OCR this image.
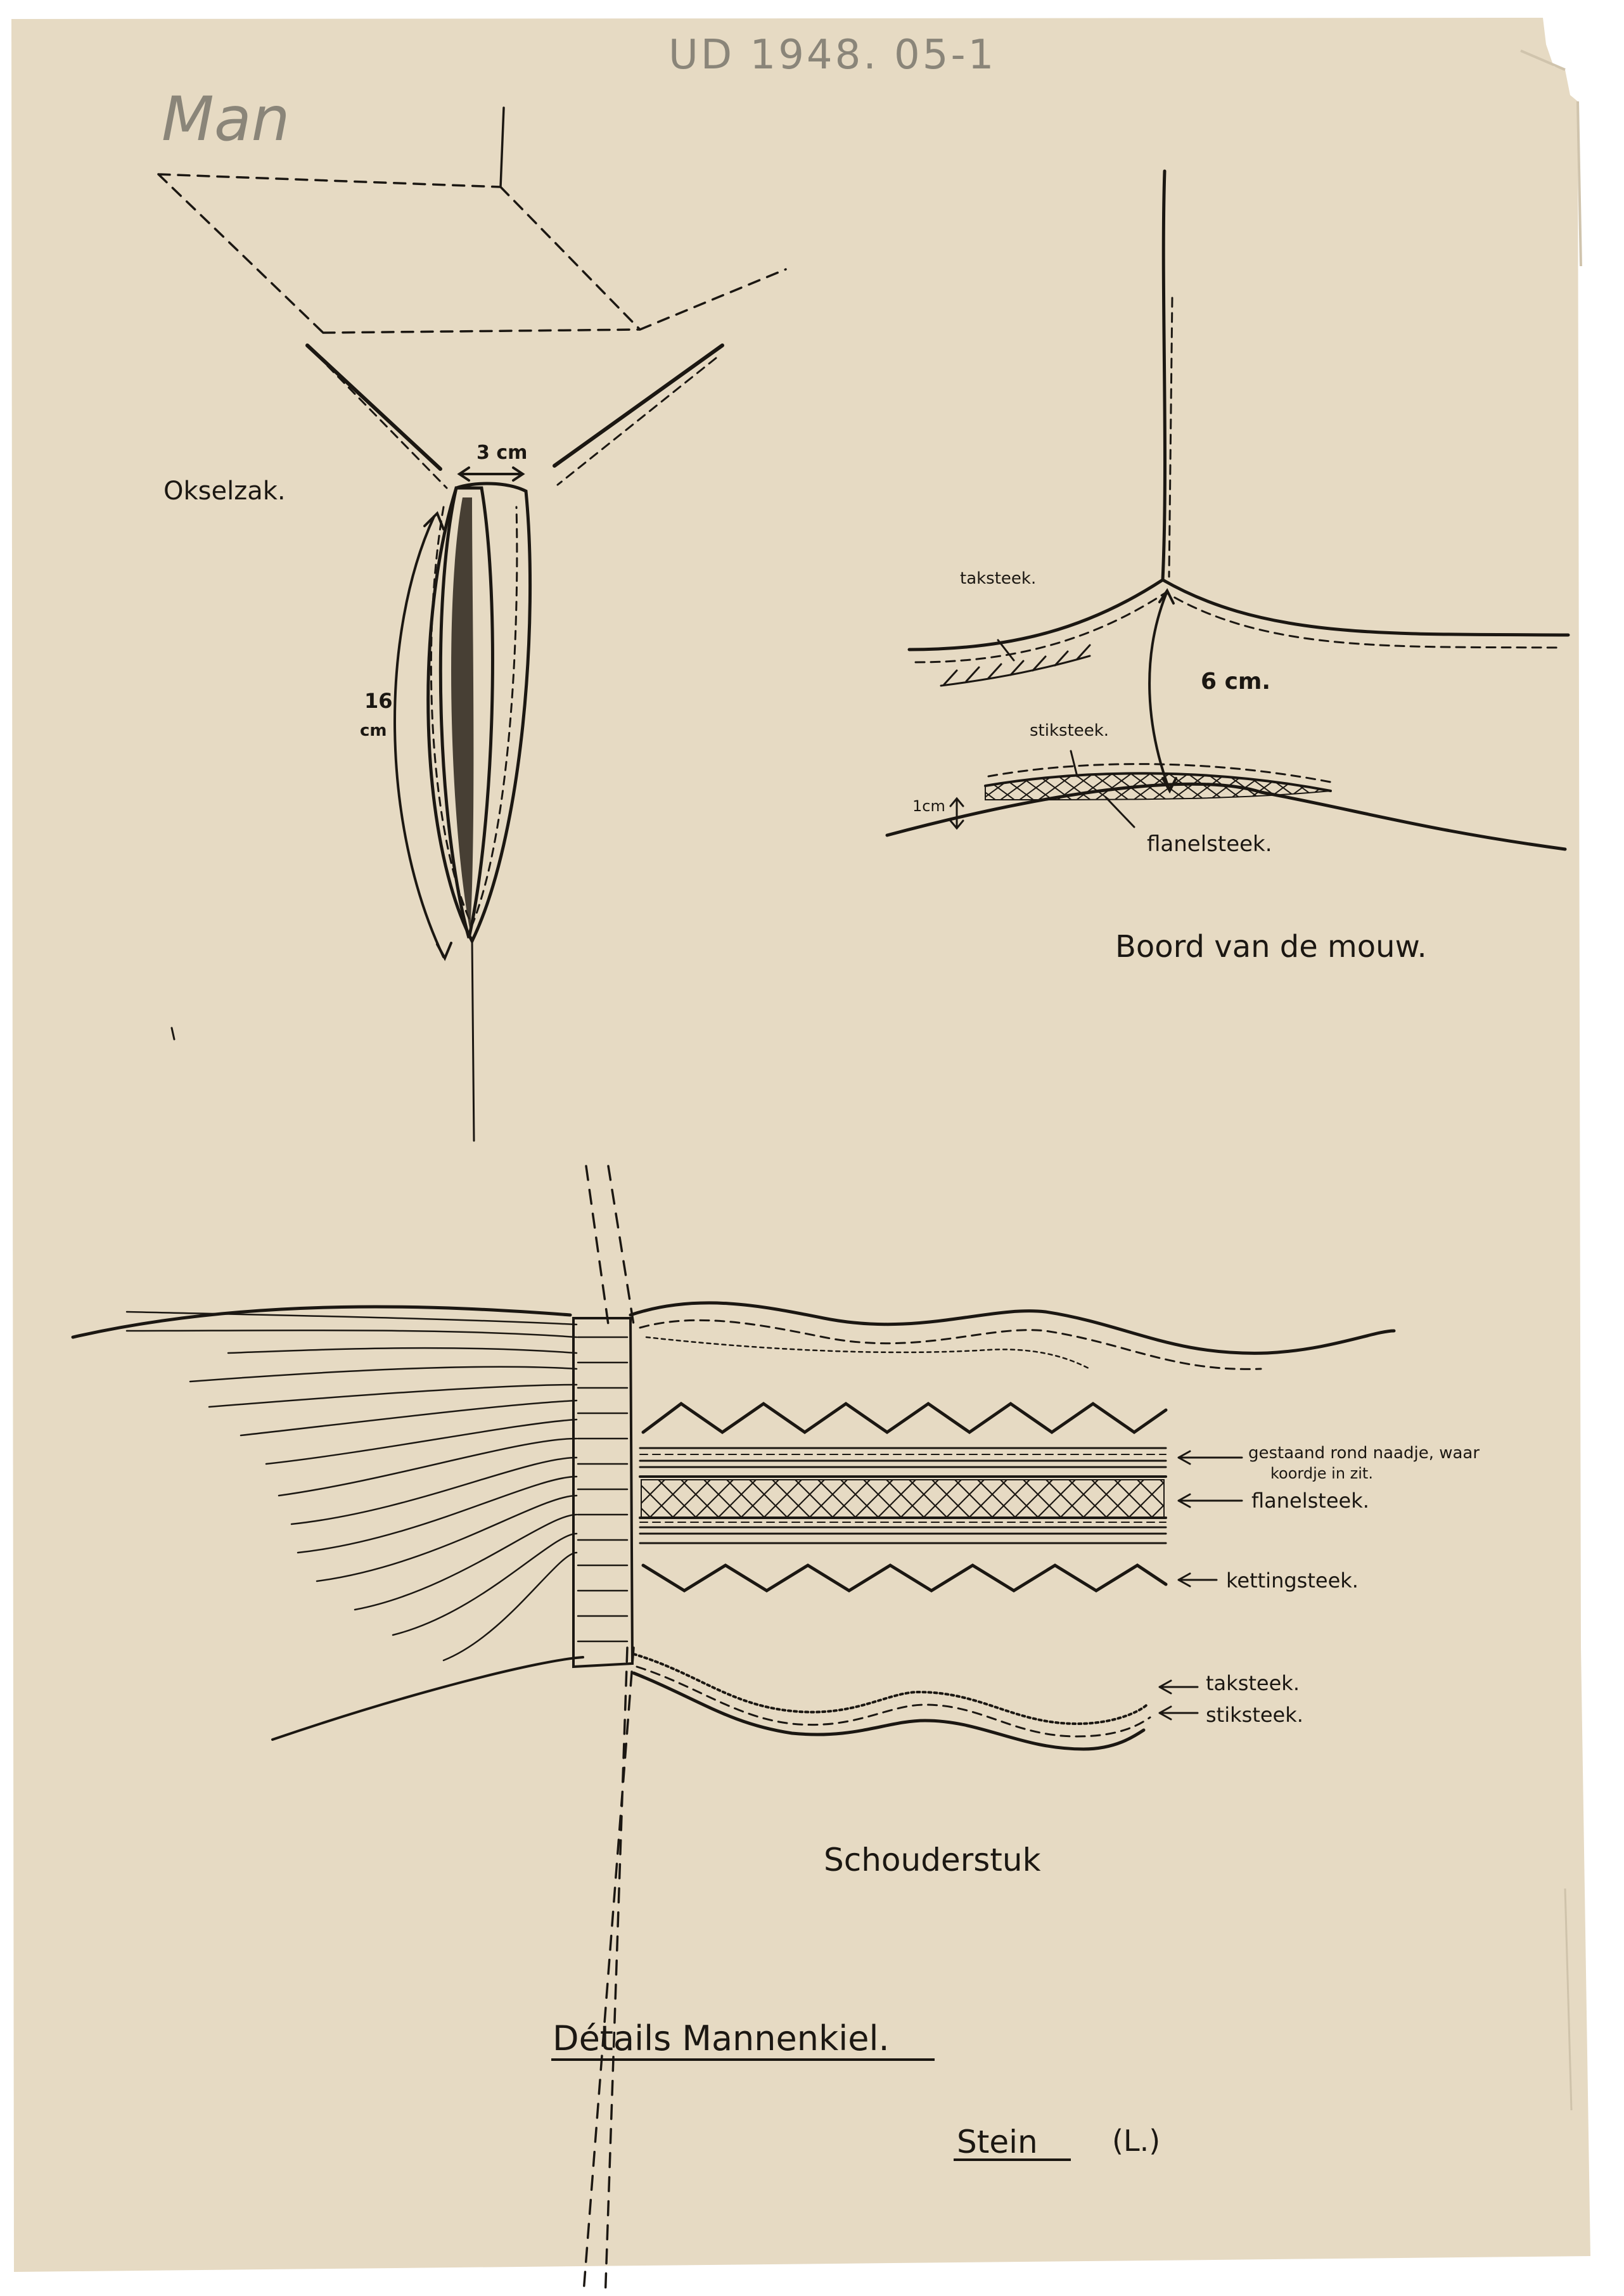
UD 1948. 05-1
Man
Okselzak.
3 cm
16
cm
taksteek.
6 cm.
stiksteek.
1cm
flanelsteek.
Boord van de mouw.
gestaand rond naadje, waar
koordje in zit.
flanelsteek.
kettingsteek.
taksteek.
stiksteek.
Schouderstuk
Détails Mannenkiel.
Stein	(L.)
